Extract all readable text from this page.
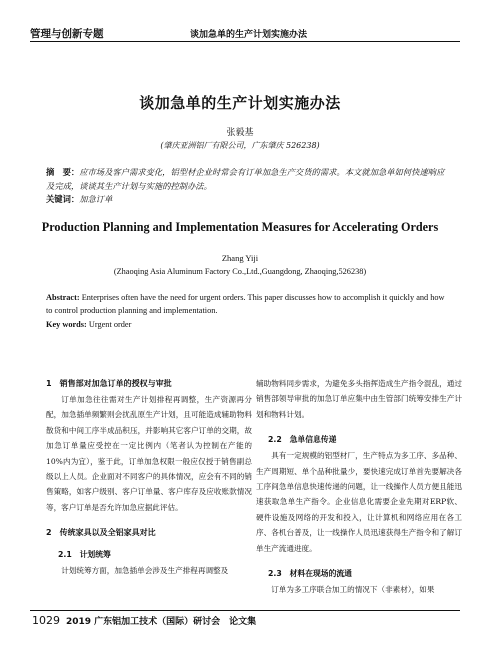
管理与创新专题	谈加急单的生产计划实施办法
谈加急单的生产计划实施办法
张毅基
(肇庆亚洲铝厂有限公司，广东肇庆 526238)
摘　要：应市场及客户需求变化，铝型材企业时常会有订单加急生产交货的需求。本文就加急单如何快速响应及完成，谈谈其生产计划与实施的控制办法。
关键词：加急订单
Production Planning and Implementation Measures for Accelerating Orders
Zhang Yiji
(Zhaoqing Asia Aluminum Factory Co.,Ltd.,Guangdong, Zhaoqing,526238)
Abstract: Enterprises often have the need for urgent orders. This paper discusses how to accomplish it quickly and how to control production planning and implementation.
Key words: Urgent order
1　销售部对加急订单的授权与审批

订单加急往往需对生产计划排程再调整，生产资源再分配，加急插单频繁则会扰乱原生产计划，且可能造成辅助物料散货和中间工序半成品积压，并影响其它客户订单的交期，故加急订单量应受控在一定比例内（笔者认为控制在产能的10%内为宜），鉴于此，订单加急权限一般应仅授于销售副总级以上人员。企业面对不同客户的具体情况，应会有不同的销售策略，如客户级别、客户订单量、客户库存及应收账款情况等，客户订单是否允许加急应据此评估。

2　传统家具以及全铝家具对比
2.1　计划统筹

计划统筹方面，加急插单会涉及生产排程再调整及

辅助物料同步需求，为避免多头指挥造成生产指令混乱，通过销售部领导审批的加急订单应集中由生管部门统筹安排生产计划和物料计划。

2.2　急单信息传递

具有一定规模的铝型材厂，生产特点为多工序、多品种、生产周期短、单个品种批量少，要快速完成订单首先要解决各工序间急单信息快速传递的问题，让一线操作人员方便且能迅速获取急单生产指令。企业信息化需要企业先期对ERP软、硬件设施及网络的开发和投入，让计算机和网络应用在各工序、各机台普及，让一线操作人员迅速获得生产指令和了解订单生产流通进度。

2.3　材料在现场的流通

订单为多工序联合加工的情况下（非素材），如果

1029 2019 广东铝加工技术（国际）研讨会　论文集
